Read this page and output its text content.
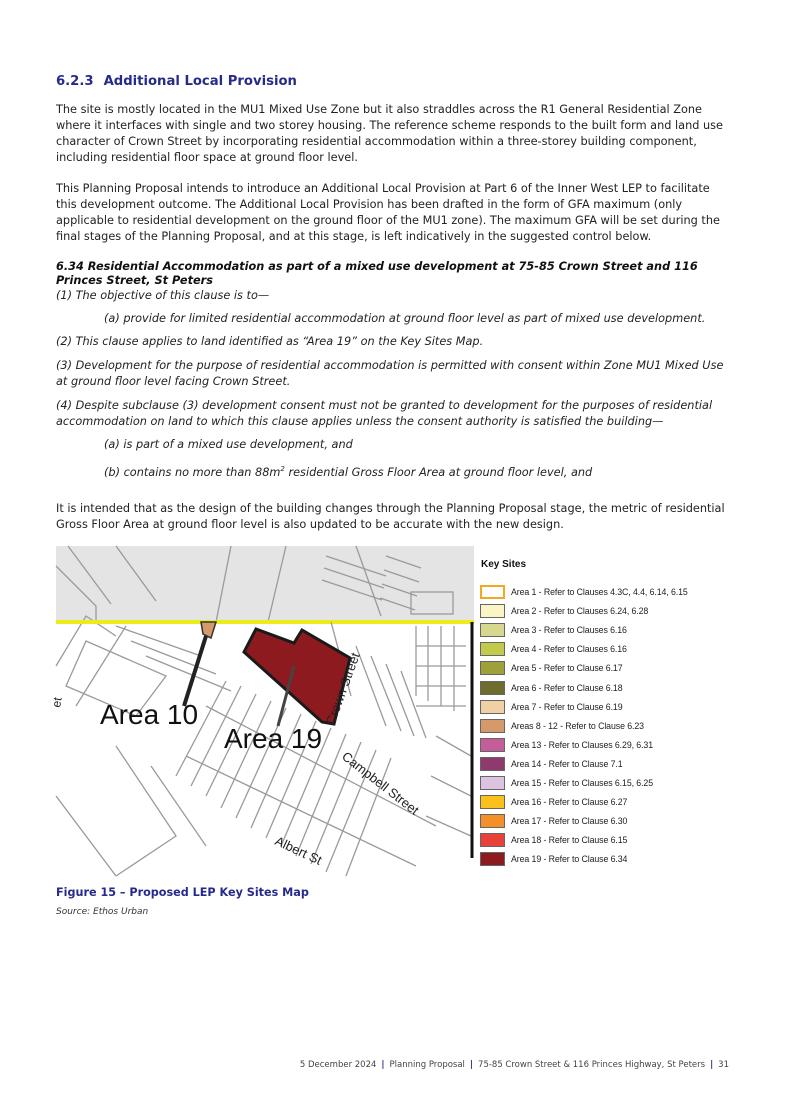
6.2.3 Additional Local Provision
The site is mostly located in the MU1 Mixed Use Zone but it also straddles across the R1 General Residential Zone where it interfaces with single and two storey housing. The reference scheme responds to the built form and land use character of Crown Street by incorporating residential accommodation within a three-storey building component, including residential floor space at ground floor level.
This Planning Proposal intends to introduce an Additional Local Provision at Part 6 of the Inner West LEP to facilitate this development outcome. The Additional Local Provision has been drafted in the form of GFA maximum (only applicable to residential development on the ground floor of the MU1 zone). The maximum GFA will be set during the final stages of the Planning Proposal, and at this stage, is left indicatively in the suggested control below.
6.34 Residential Accommodation as part of a mixed use development at 75-85 Crown Street and 116 Princes Street, St Peters
(1) The objective of this clause is to—
(a) provide for limited residential accommodation at ground floor level as part of mixed use development.
(2) This clause applies to land identified as “Area 19” on the Key Sites Map.
(3) Development for the purpose of residential accommodation is permitted with consent within Zone MU1 Mixed Use at ground floor level facing Crown Street.
(4) Despite subclause (3) development consent must not be granted to development for the purposes of residential accommodation on land to which this clause applies unless the consent authority is satisfied the building—
(a) is part of a mixed use development, and
(b) contains no more than $88m^2$ residential Gross Floor Area at ground floor level, and
It is intended that as the design of the building changes through the Planning Proposal stage, the metric of residential Gross Floor Area at ground floor level is also updated to be accurate with the new design.
Area 10
Area 19
Crown Street
Campbell Street
Albert St
et
Key Sites
Area 1 - Refer to Clauses 4.3C, 4.4, 6.14, 6.15
Area 2 - Refer to Clauses 6.24, 6.28
Area 3 - Refer to Clauses 6.16
Area 4 - Refer to Clauses 6.16
Area 5 - Refer to Clause 6.17
Area 6 - Refer to Clause 6.18
Area 7 - Refer to Clause 6.19
Areas 8 - 12 - Refer to Clause 6.23
Area 13 - Refer to Clauses 6.29, 6.31
Area 14 - Refer to Clause 7.1
Area 15 - Refer to Clauses 6.15, 6.25
Area 16 - Refer to Clause 6.27
Area 17 - Refer to Clause 6.30
Area 18 - Refer to Clause 6.15
Area 19 - Refer to Clause 6.34
Figure 15 – Proposed LEP Key Sites Map
Source: Ethos Urban
5 December 2024 | Planning Proposal | 75-85 Crown Street & 116 Princes Highway, St Peters | 31
